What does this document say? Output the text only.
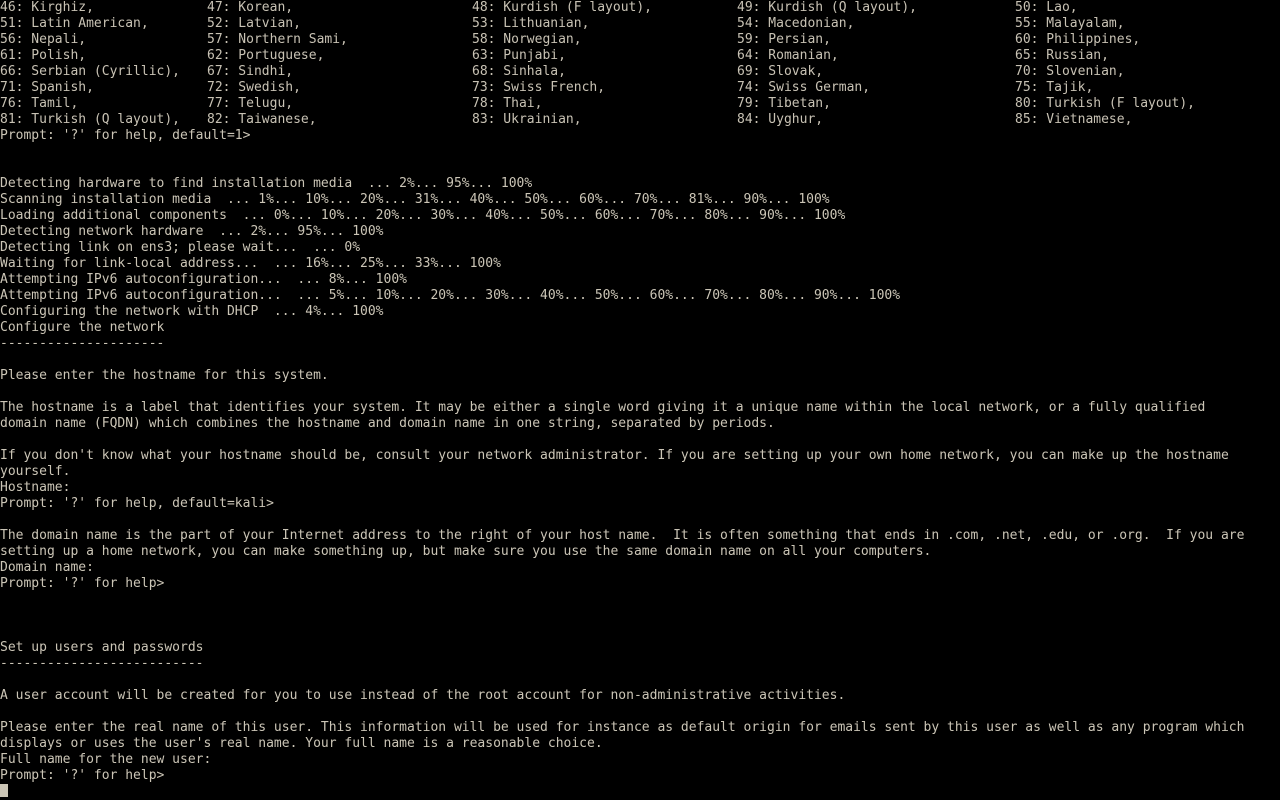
46: Kirghiz,	47: Korean,	48: Kurdish (F layout),	49: Kurdish (Q layout),	50: Lao,
51: Latin American,	52: Latvian,	53: Lithuanian,	54: Macedonian,	55: Malayalam,
56: Nepali,	57: Northern Sami,	58: Norwegian,	59: Persian,	60: Philippines,
61: Polish,	62: Portuguese,	63: Punjabi,	64: Romanian,	65: Russian,
66: Serbian (Cyrillic),	67: Sindhi,	68: Sinhala,	69: Slovak,	70: Slovenian,
71: Spanish,	72: Swedish,	73: Swiss French,	74: Swiss German,	75: Tajik,
76: Tamil,	77: Telugu,	78: Thai,	79: Tibetan,	80: Turkish (F layout),
81: Turkish (Q layout),	82: Taiwanese,	83: Ukrainian,	84: Uyghur,	85: Vietnamese,
Prompt: '?' for help, default=1>
Detecting hardware to find installation media  ... 2%... 95%... 100%
Scanning installation media  ... 1%... 10%... 20%... 31%... 40%... 50%... 60%... 70%... 81%... 90%... 100%
Loading additional components  ... 0%... 10%... 20%... 30%... 40%... 50%... 60%... 70%... 80%... 90%... 100%
Detecting network hardware  ... 2%... 95%... 100%
Detecting link on ens3; please wait...  ... 0%
Waiting for link-local address...  ... 16%... 25%... 33%... 100%
Attempting IPv6 autoconfiguration...  ... 8%... 100%
Attempting IPv6 autoconfiguration...  ... 5%... 10%... 20%... 30%... 40%... 50%... 60%... 70%... 80%... 90%... 100%
Configuring the network with DHCP  ... 4%... 100%
Configure the network
---------------------
Please enter the hostname for this system.
The hostname is a label that identifies your system. It may be either a single word giving it a unique name within the local network, or a fully qualified
domain name (FQDN) which combines the hostname and domain name in one string, separated by periods.
If you don't know what your hostname should be, consult your network administrator. If you are setting up your own home network, you can make up the hostname
yourself.
Hostname:
Prompt: '?' for help, default=kali>
The domain name is the part of your Internet address to the right of your host name.  It is often something that ends in .com, .net, .edu, or .org.  If you are
setting up a home network, you can make something up, but make sure you use the same domain name on all your computers.
Domain name:
Prompt: '?' for help>
Set up users and passwords
--------------------------
A user account will be created for you to use instead of the root account for non-administrative activities.
Please enter the real name of this user. This information will be used for instance as default origin for emails sent by this user as well as any program which
displays or uses the user's real name. Your full name is a reasonable choice.
Full name for the new user:
Prompt: '?' for help>
